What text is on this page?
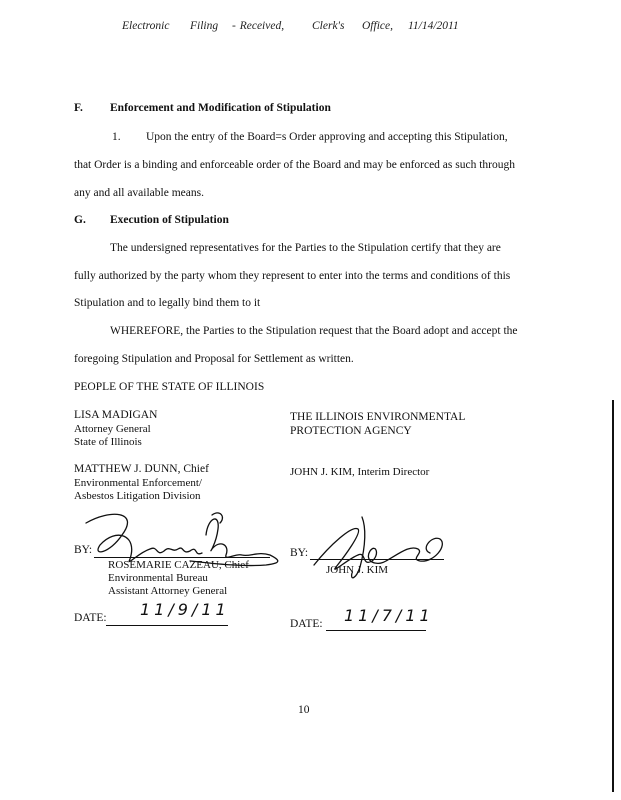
Electronic Filing - Received, Clerk's Office, 11/14/2011
F. Enforcement and Modification of Stipulation
1. Upon the entry of the Board=s Order approving and accepting this Stipulation,
that Order is a binding and enforceable order of the Board and may be enforced as such through
any and all available means.
G. Execution of Stipulation
The undersigned representatives for the Parties to the Stipulation certify that they are
fully authorized by the party whom they represent to enter into the terms and conditions of this
Stipulation and to legally bind them to it
WHEREFORE, the Parties to the Stipulation request that the Board adopt and accept the
foregoing Stipulation and Proposal for Settlement as written.
PEOPLE OF THE STATE OF ILLINOIS
LISA MADIGAN
Attorney General
State of Illinois
THE ILLINOIS ENVIRONMENTAL
PROTECTION AGENCY
MATTHEW J. DUNN, Chief
Environmental Enforcement/
Asbestos Litigation Division
JOHN J. KIM, Interim Director
BY:
ROSEMARIE CAZEAU, Chief
Environmental Bureau
Assistant Attorney General
DATE: 11/9/11
BY:
JOHN J. KIM
DATE: 11/7/11
10
